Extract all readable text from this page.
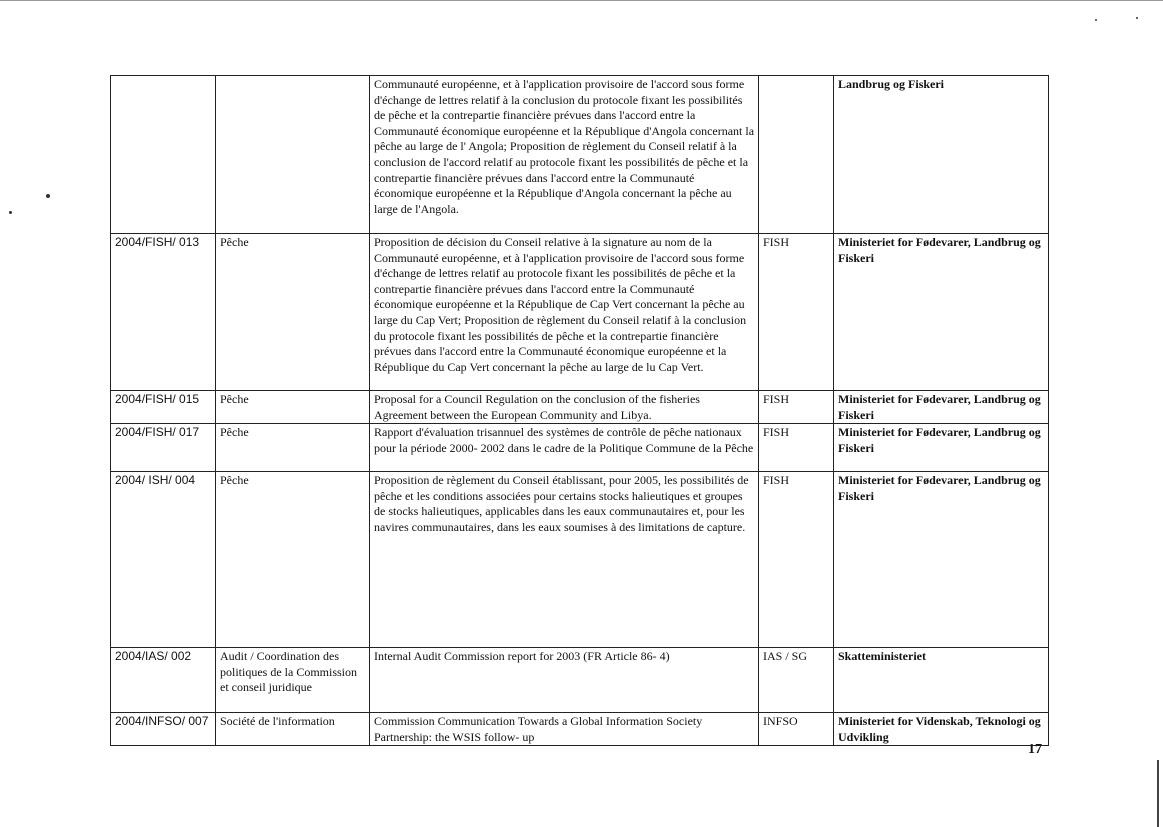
		Communauté européenne, et à l'application provisoire de l'accord sous forme d'échange de lettres relatif à la conclusion du protocole fixant les possibilités de pêche et la contrepartie financière prévues dans l'accord entre la Communauté économique européenne et la République d'Angola concernant la pêche au large de l' Angola; Proposition de règlement du Conseil relatif à la conclusion de l'accord relatif au protocole fixant les possibilités de pêche et la contrepartie financière prévues dans l'accord entre la Communauté économique européenne et la République d'Angola concernant la pêche au large de l'Angola.		Landbrug og Fiskeri
2004/FISH/ 013	Pêche	Proposition de décision du Conseil relative à la signature au nom de la Communauté européenne, et à l'application provisoire de l'accord sous forme d'échange de lettres relatif au protocole fixant les possibilités de pêche et la contrepartie financière prévues dans l'accord entre la Communauté économique européenne et la République de Cap Vert concernant la pêche au large du Cap Vert; Proposition de règlement du Conseil relatif à la conclusion du protocole fixant les possibilités de pêche et la contrepartie financière prévues dans l'accord entre la Communauté économique européenne et la République du Cap Vert concernant la pêche au large de lu Cap Vert.	FISH	Ministeriet for Fødevarer, Landbrug og Fiskeri
2004/FISH/ 015	Pêche	Proposal for a Council Regulation on the conclusion of the fisheries Agreement between the European Community and Libya.	FISH	Ministeriet for Fødevarer, Landbrug og Fiskeri
2004/FISH/ 017	Pêche	Rapport d'évaluation trisannuel des systèmes de contrôle de pêche nationaux pour la période 2000- 2002 dans le cadre de la Politique Commune de la Pêche	FISH	Ministeriet for Fødevarer, Landbrug og Fiskeri
2004/ ISH/ 004	Pêche	Proposition de règlement du Conseil établissant, pour 2005, les possibilités de pêche et les conditions associées pour certains stocks halieutiques et groupes de stocks halieutiques, applicables dans les eaux communautaires et, pour les navires communautaires, dans les eaux soumises à des limitations de capture.	FISH	Ministeriet for Fødevarer, Landbrug og Fiskeri
2004/IAS/ 002	Audit / Coordination des politiques de la Commission et conseil juridique	Internal Audit Commission report for 2003 (FR Article 86- 4)	IAS / SG	Skatteministeriet
2004/INFSO/ 007	Société de l'information	Commission Communication Towards a Global Information Society Partnership: the WSIS follow- up	INFSO	Ministeriet for Videnskab, Teknologi og Udvikling
17
